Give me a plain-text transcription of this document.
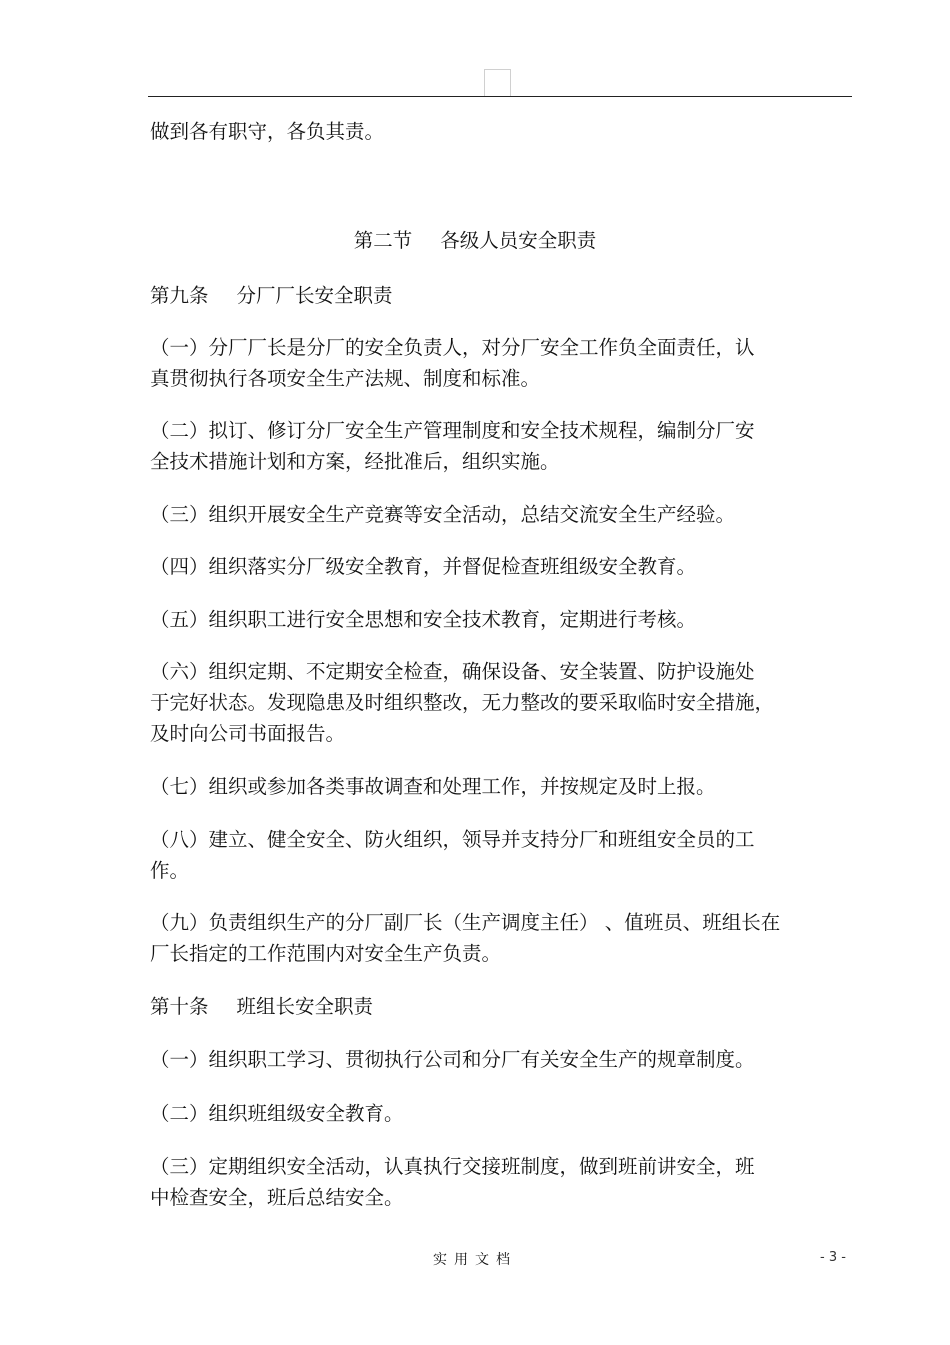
做到各有职守，各负其责。

第二节 各级人员安全职责

第九条 分厂厂长安全职责

（一）分厂厂长是分厂的安全负责人，对分厂安全工作负全面责任，认

真贯彻执行各项安全生产法规、制度和标准。

（二）拟订、修订分厂安全生产管理制度和安全技术规程，编制分厂安

全技术措施计划和方案，经批准后，组织实施。

（三）组织开展安全生产竞赛等安全活动，总结交流安全生产经验。

（四）组织落实分厂级安全教育，并督促检查班组级安全教育。

（五）组织职工进行安全思想和安全技术教育，定期进行考核。

（六）组织定期、不定期安全检查，确保设备、安全装置、防护设施处

于完好状态。发现隐患及时组织整改，无力整改的要采取临时安全措施，

及时向公司书面报告。

（七）组织或参加各类事故调查和处理工作，并按规定及时上报。

（八）建立、健全安全、防火组织，领导并支持分厂和班组安全员的工

作。

（九）负责组织生产的分厂副厂长（生产调度主任） 、值班员、班组长在

厂长指定的工作范围内对安全生产负责。

第十条 班组长安全职责

（一）组织职工学习、贯彻执行公司和分厂有关安全生产的规章制度。

（二）组织班组级安全教育。

（三）定期组织安全活动，认真执行交接班制度，做到班前讲安全，班

中检查安全，班后总结安全。

实用文档	- 3 -
